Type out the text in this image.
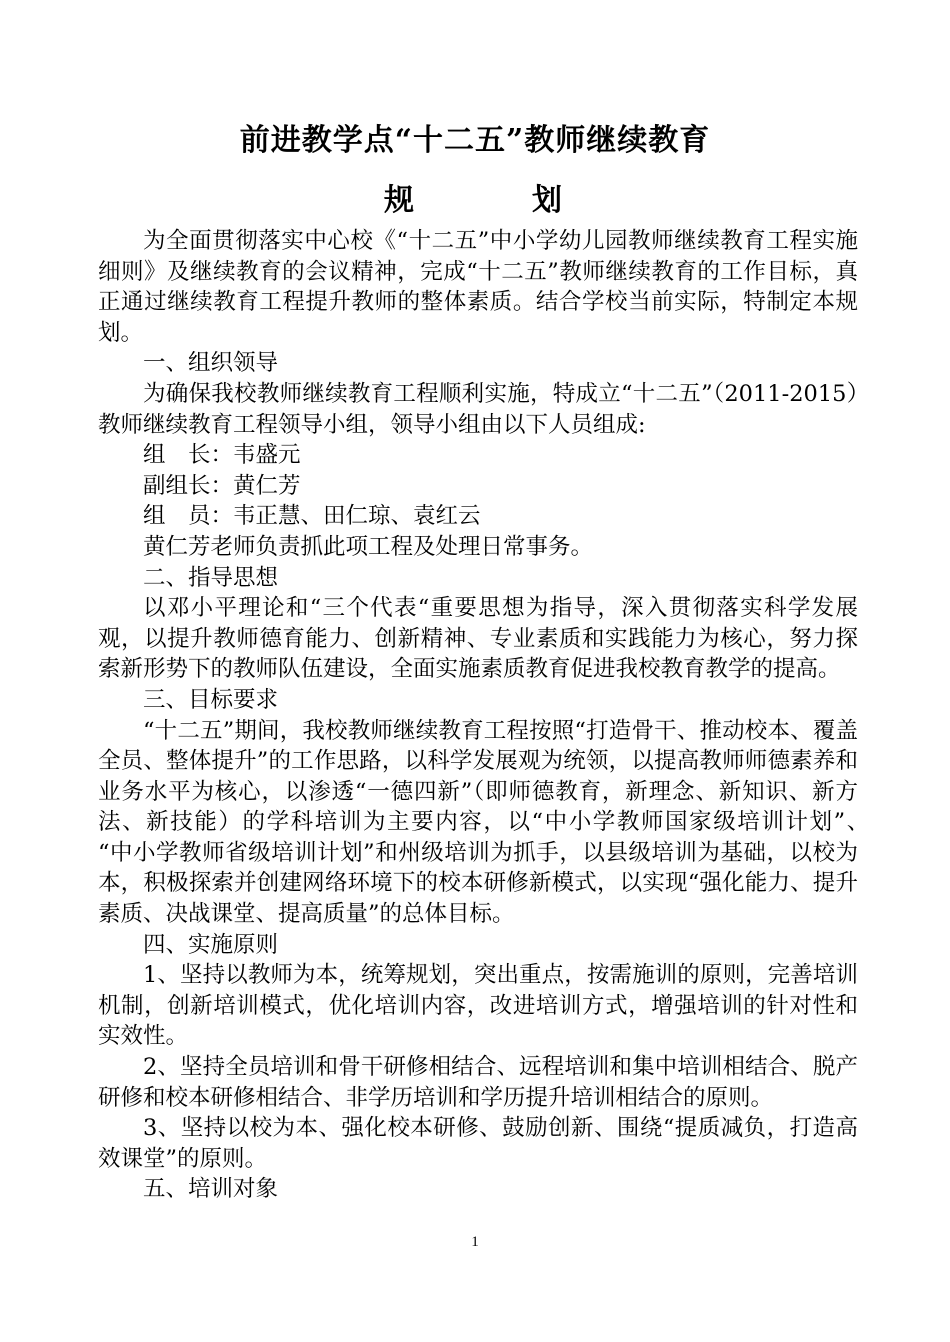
前进教学点“十二五”教师继续教育
规	划

为全面贯彻落实中心校《“十二五”中小学幼儿园教师继续教育工程实施细则》及继续教育的会议精神，完成“十二五”教师继续教育的工作目标，真正通过继续教育工程提升教师的整体素质。结合学校当前实际，特制定本规划。

一、组织领导

为确保我校教师继续教育工程顺利实施，特成立“十二五”（2011-2015）教师继续教育工程领导小组，领导小组由以下人员组成:

组　长：韦盛元

副组长：黄仁芳

组　员：韦正慧、田仁琼、袁红云

黄仁芳老师负责抓此项工程及处理日常事务。

二、指导思想

以邓小平理论和“三个代表“重要思想为指导，深入贯彻落实科学发展观，以提升教师德育能力、创新精神、专业素质和实践能力为核心，努力探索新形势下的教师队伍建设，全面实施素质教育促进我校教育教学的提高。

三、目标要求

“十二五”期间，我校教师继续教育工程按照“打造骨干、推动校本、覆盖全员、整体提升”的工作思路，以科学发展观为统领，以提高教师师德素养和业务水平为核心，以渗透“一德四新”（即师德教育，新理念、新知识、新方法、新技能）的学科培训为主要内容，以“中小学教师国家级培训计划”、　“中小学教师省级培训计划”和州级培训为抓手，以县级培训为基础，以校为本，积极探索并创建网络环境下的校本研修新模式，以实现“强化能力、提升素质、决战课堂、提高质量”的总体目标。

四、实施原则

1、坚持以教师为本，统筹规划，突出重点，按需施训的原则，完善培训机制，创新培训模式，优化培训内容，改进培训方式，增强培训的针对性和实效性。

2、坚持全员培训和骨干研修相结合、远程培训和集中培训相结合、脱产研修和校本研修相结合、非学历培训和学历提升培训相结合的原则。

3、坚持以校为本、强化校本研修、鼓励创新、围绕“提质减负，打造高效课堂”的原则。

五、培训对象

1
